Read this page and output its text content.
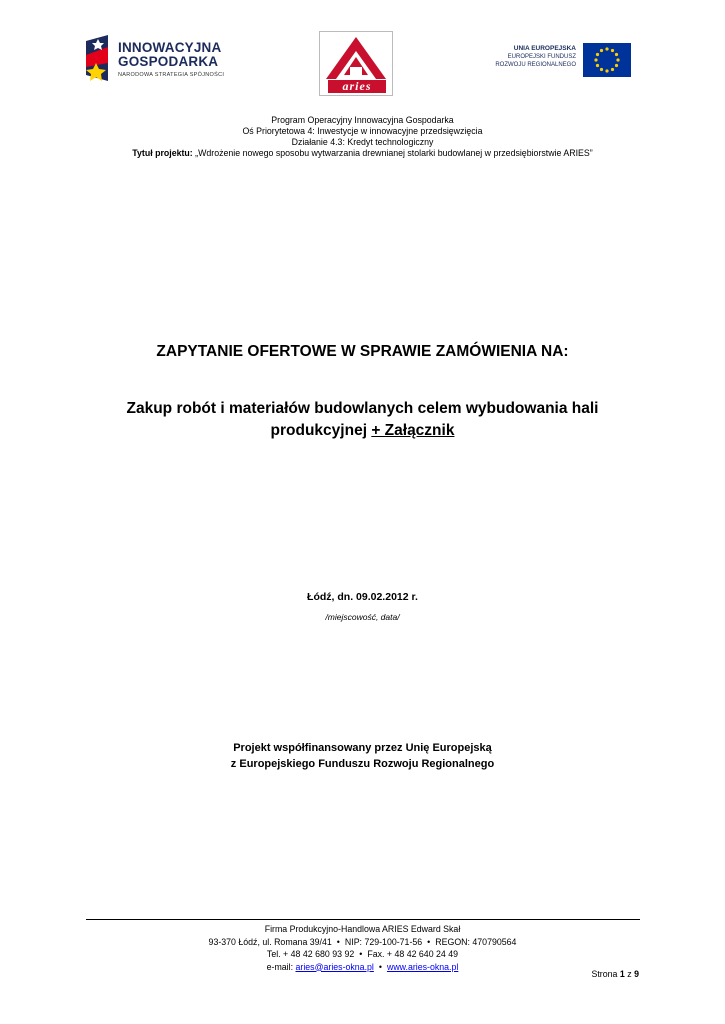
INNOWACYJNA
GOSPODARKA
NARODOWA STRATEGIA SPÓJNOŚCI
aries
UNIA EUROPEJSKA
EUROPEJSKI FUNDUSZ
ROZWOJU REGIONALNEGO
Program Operacyjny Innowacyjna Gospodarka
Oś Priorytetowa 4: Inwestycje w innowacyjne przedsięwzięcia
Działanie 4.3: Kredyt technologiczny
Tytuł projektu: „Wdrożenie nowego sposobu wytwarzania drewnianej stolarki budowlanej w przedsiębiorstwie ARIES”
ZAPYTANIE OFERTOWE W SPRAWIE ZAMÓWIENIA NA:
Zakup robót i materiałów budowlanych celem wybudowania hali produkcyjnej + Załącznik
Łódź, dn. 09.02.2012 r.
/miejscowość, data/
Projekt współfinansowany przez Unię Europejską
z Europejskiego Funduszu Rozwoju Regionalnego
Firma Produkcyjno-Handlowa ARIES Edward Skał
93-370 Łódź, ul. Romana 39/41 • NIP: 729-100-71-56 • REGON: 470790564
Tel. + 48 42 680 93 92 • Fax. + 48 42 640 24 49
e-mail: aries@aries-okna.pl • www.aries-okna.pl
Strona 1 z 9
